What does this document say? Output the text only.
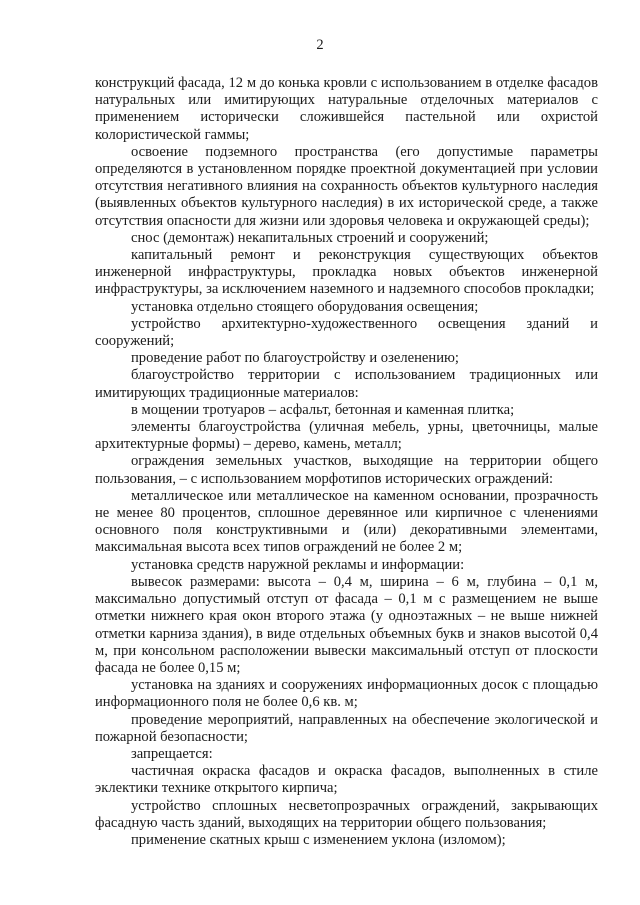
2

конструкций фасада, 12 м до конька кровли с использованием в отделке фасадов натуральных или имитирующих натуральные отделочных материалов с применением исторически сложившейся пастельной или охристой колористической гаммы;

освоение подземного пространства (его допустимые параметры определяются в установленном порядке проектной документацией при условии отсутствия негативного влияния на сохранность объектов культурного наследия (выявленных объектов культурного наследия) в их исторической среде, а также отсутствия опасности для жизни или здоровья человека и окружающей среды);

снос (демонтаж) некапитальных строений и сооружений;

капитальный ремонт и реконструкция существующих объектов инженерной инфраструктуры, прокладка новых объектов инженерной инфраструктуры, за исключением наземного и надземного способов прокладки;

установка отдельно стоящего оборудования освещения;

устройство архитектурно-художественного освещения зданий и сооружений;

проведение работ по благоустройству и озеленению;

благоустройство территории с использованием традиционных или имитирующих традиционные материалов:

в мощении тротуаров – асфальт, бетонная и каменная плитка;

элементы благоустройства (уличная мебель, урны, цветочницы, малые архитектурные формы) – дерево, камень, металл;

ограждения земельных участков, выходящие на территории общего пользования, – с использованием морфотипов исторических ограждений:

металлическое или металлическое на каменном основании, прозрачность не менее 80 процентов, сплошное деревянное или кирпичное с членениями основного поля конструктивными и (или) декоративными элементами, максимальная высота всех типов ограждений не более 2 м;

установка средств наружной рекламы и информации:

вывесок размерами: высота – 0,4 м, ширина – 6 м, глубина – 0,1 м, максимально допустимый отступ от фасада – 0,1 м с размещением не выше отметки нижнего края окон второго этажа (у одноэтажных – не выше нижней отметки карниза здания), в виде отдельных объемных букв и знаков высотой 0,4 м, при консольном расположении вывески максимальный отступ от плоскости фасада не более 0,15 м;

установка на зданиях и сооружениях информационных досок с площадью информационного поля не более 0,6 кв. м;

проведение мероприятий, направленных на обеспечение экологической и пожарной безопасности;

запрещается:

частичная окраска фасадов и окраска фасадов, выполненных в стиле эклектики технике открытого кирпича;

устройство сплошных несветопрозрачных ограждений, закрывающих фасадную часть зданий, выходящих на территории общего пользования;

применение скатных крыш с изменением уклона (изломом);
